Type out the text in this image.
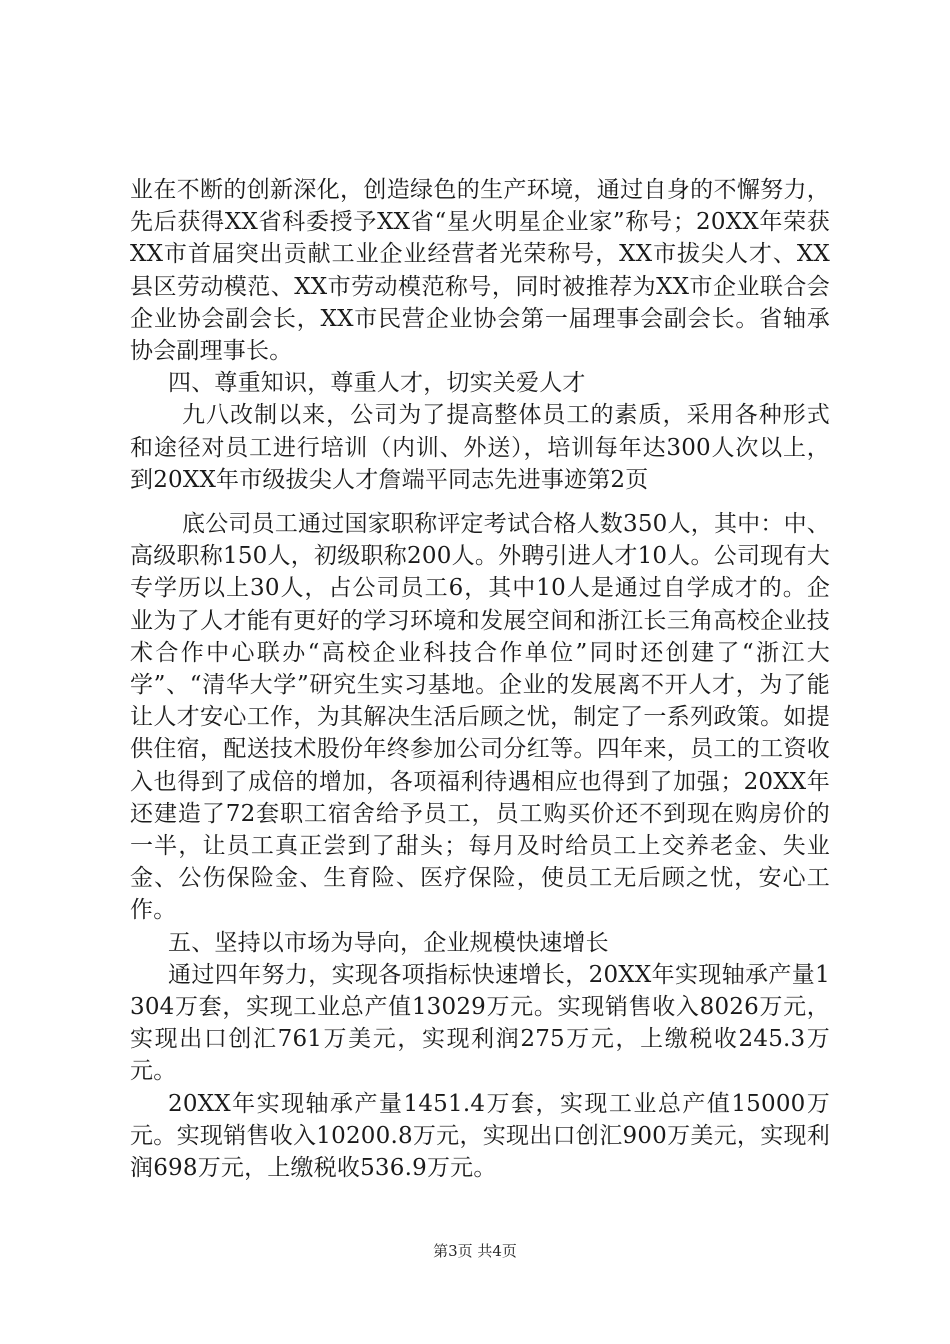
业在不断的创新深化，创造绿色的生产环境，通过自身的不懈努力，先后获得XX省科委授予XX省“星火明星企业家”称号；20XX年荣获XX市首届突出贡献工业企业经营者光荣称号，XX市拔尖人才、XX县区劳动模范、XX市劳动模范称号，同时被推荐为XX市企业联合会企业协会副会长，XX市民营企业协会第一届理事会副会长。省轴承协会副理事长。

四、尊重知识，尊重人才，切实关爱人才

九八改制以来，公司为了提高整体员工的素质，采用各种形式和途径对员工进行培训（内训、外送），培训每年达300人次以上，到20XX年市级拔尖人才詹端平同志先进事迹第2页

底公司员工通过国家职称评定考试合格人数350人，其中：中、高级职称150人，初级职称200人。外聘引进人才10人。公司现有大专学历以上30人，占公司员工6，其中10人是通过自学成才的。企业为了人才能有更好的学习环境和发展空间和浙江长三角高校企业技术合作中心联办“高校企业科技合作单位”同时还创建了“浙江大学”、“清华大学”研究生实习基地。企业的发展离不开人才，为了能让人才安心工作，为其解决生活后顾之忧，制定了一系列政策。如提供住宿，配送技术股份年终参加公司分红等。四年来，员工的工资收入也得到了成倍的增加，各项福利待遇相应也得到了加强；20XX年还建造了72套职工宿舍给予员工，员工购买价还不到现在购房价的一半，让员工真正尝到了甜头；每月及时给员工上交养老金、失业金、公伤保险金、生育险、医疗保险，使员工无后顾之忧，安心工作。

五、坚持以市场为导向，企业规模快速增长

通过四年努力，实现各项指标快速增长，20XX年实现轴承产量1304万套，实现工业总产值13029万元。实现销售收入8026万元，实现出口创汇761万美元，实现利润275万元，上缴税收245.3万元。

20XX年实现轴承产量1451.4万套，实现工业总产值15000万元。实现销售收入10200.8万元，实现出口创汇900万美元，实现利润698万元，上缴税收536.9万元。

第3页 共4页
